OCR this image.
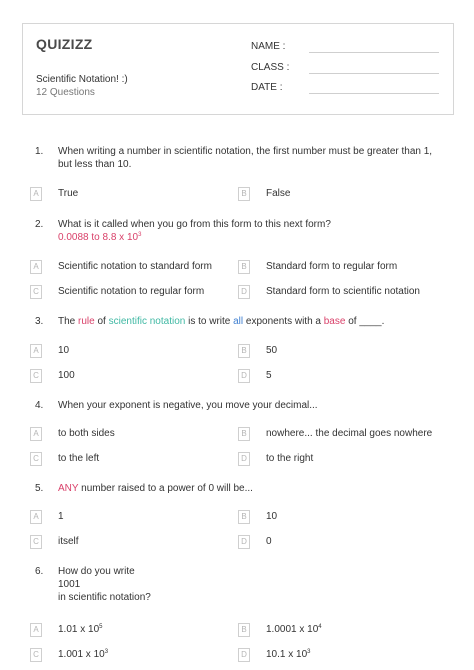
QUIZIZZ
Scientific Notation! :)
12 Questions
NAME :
CLASS :
DATE :
1.	When writing a number in scientific notation, the first number must be greater than 1,
but less than 10.
A	True	B	False
2.	What is it called when you go from this form to this next form?
0.0088 to 8.8 x $10^3$
A	Scientific notation to standard form	B	Standard form to regular form
C	Scientific notation to regular form	D	Standard form to scientific notation
3.	The rule of scientific notation is to write all exponents with a base of ____.
A	10	B	50
C	100	D	5
4.	When your exponent is negative, you move your decimal...
A	to both sides	B	nowhere... the decimal goes nowhere
C	to the left	D	to the right
5.	ANY number raised to a power of 0 will be...
A	1	B	10
C	itself	D	0
6.	How do you write
1001
in scientific notation?
A	1.01 x $10^5$	B	1.0001 x $10^4$
C	1.001 x $10^3$	D	10.1 x $10^3$
